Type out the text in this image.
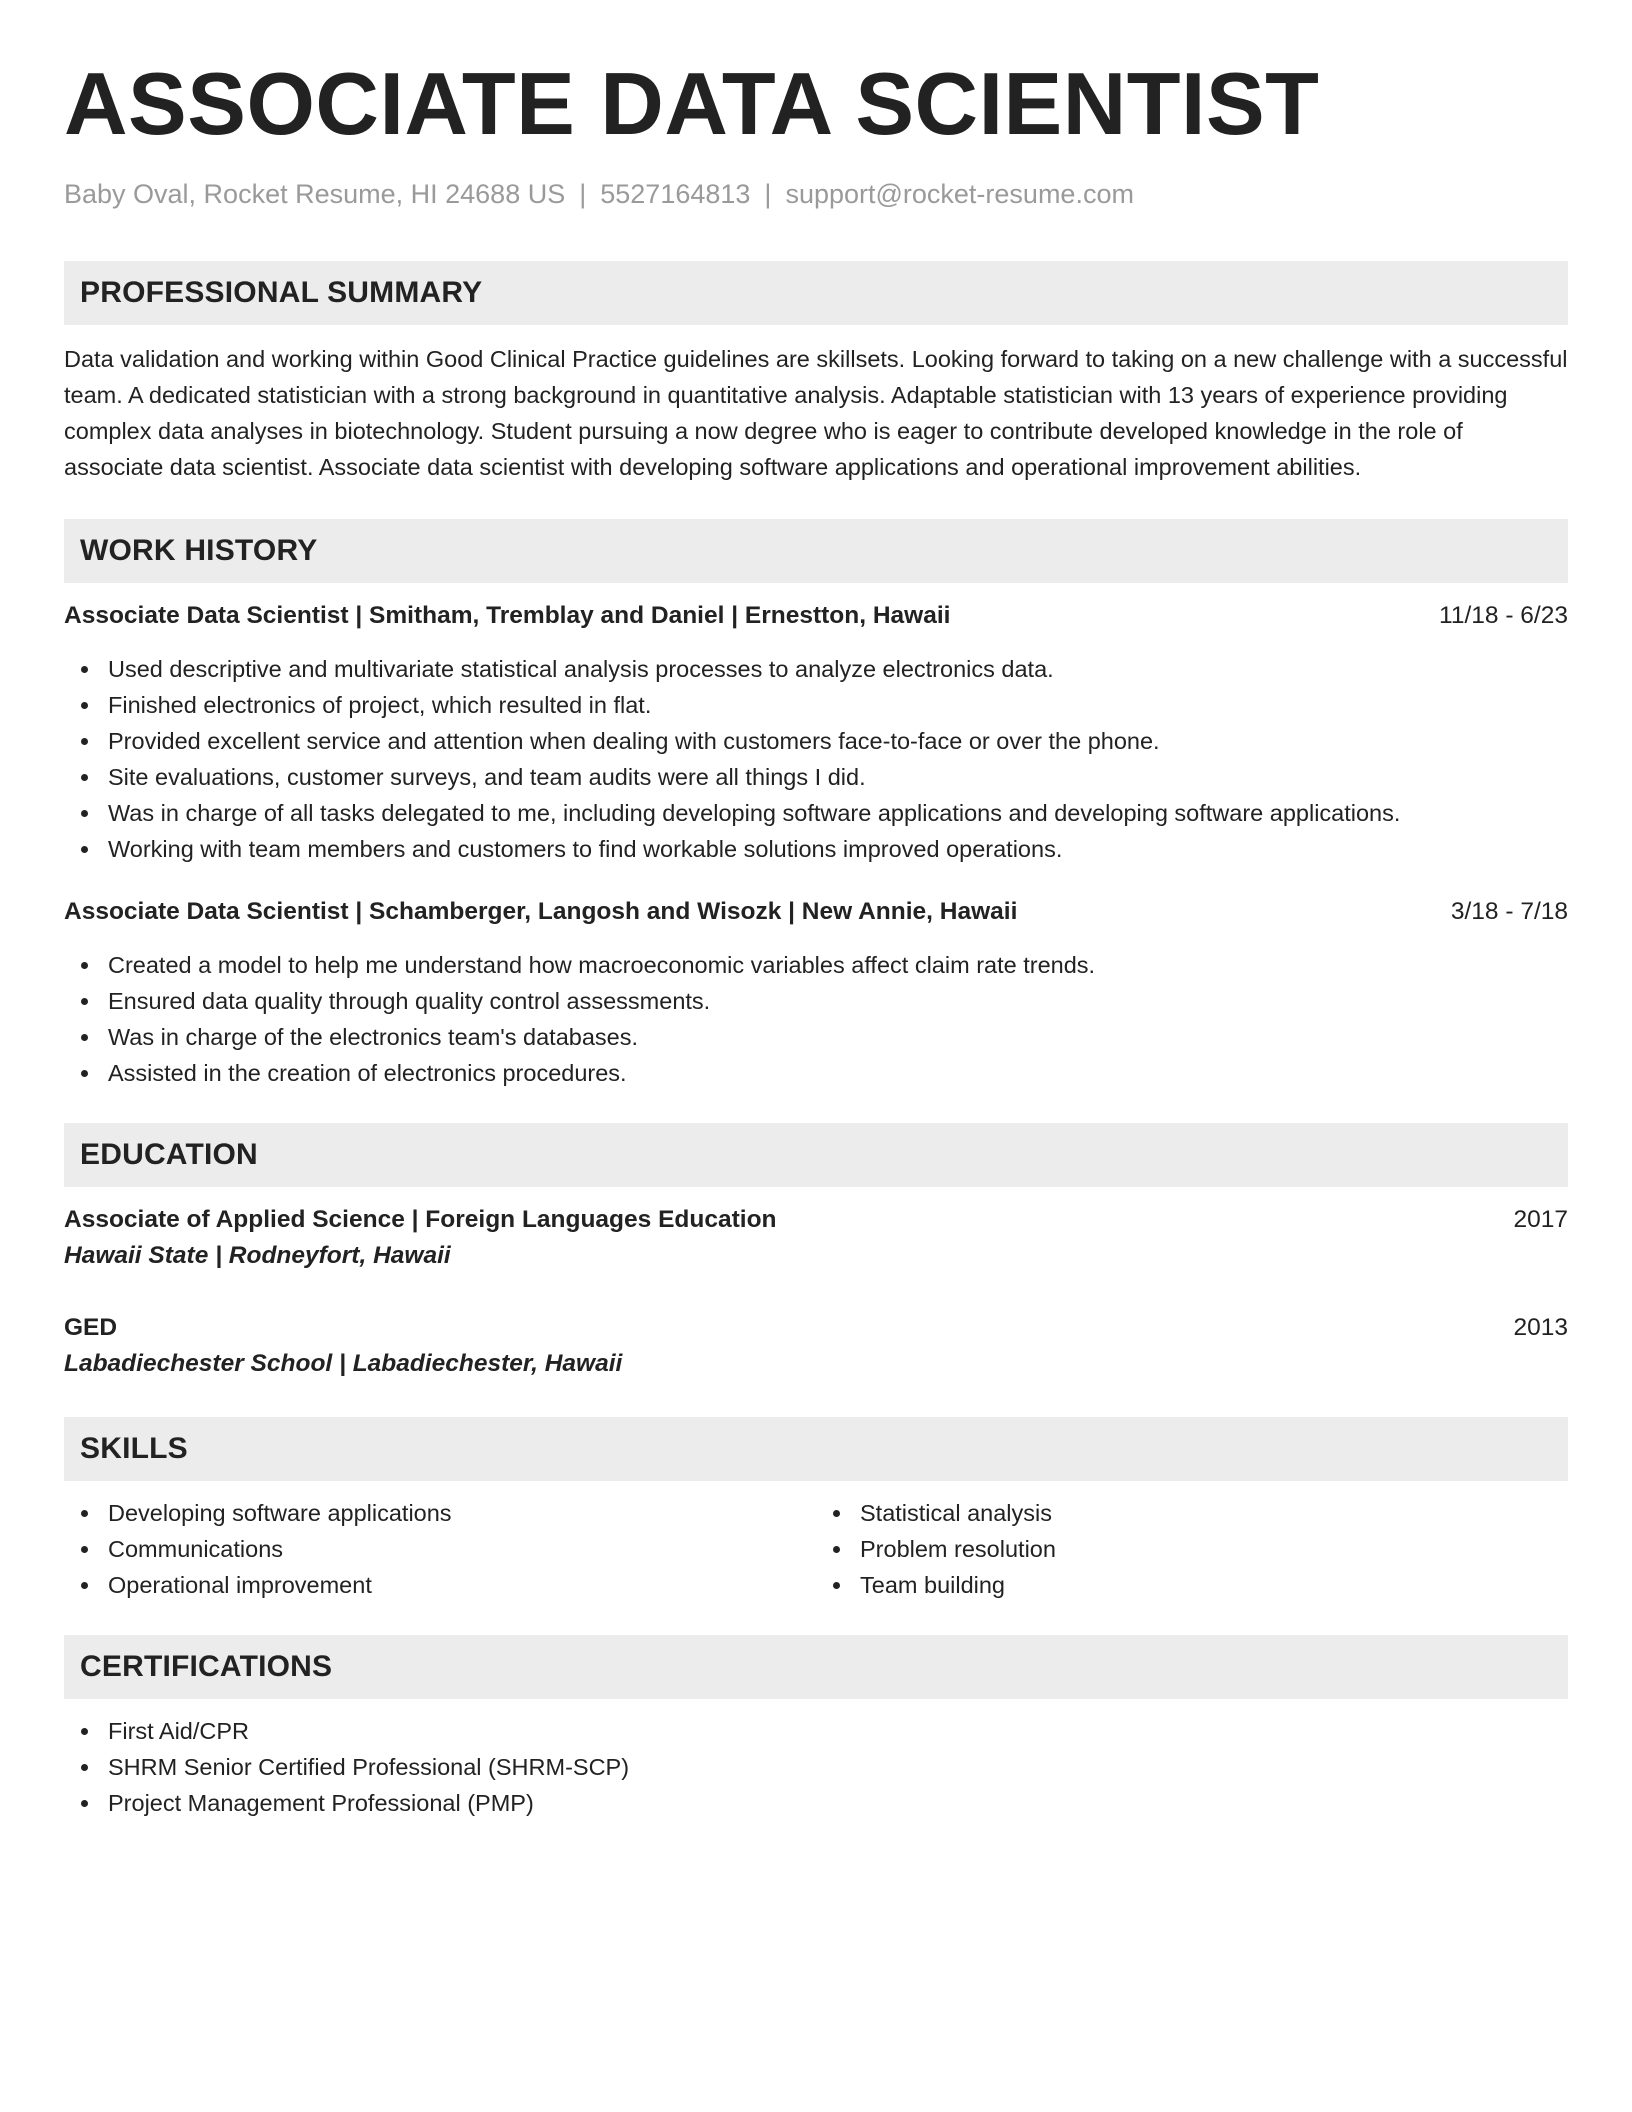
ASSOCIATE DATA SCIENTIST
Baby Oval, Rocket Resume, HI 24688 US | 5527164813 | support@rocket-resume.com
PROFESSIONAL SUMMARY
Data validation and working within Good Clinical Practice guidelines are skillsets. Looking forward to taking on a new challenge with a successful team. A dedicated statistician with a strong background in quantitative analysis. Adaptable statistician with 13 years of experience providing complex data analyses in biotechnology. Student pursuing a now degree who is eager to contribute developed knowledge in the role of associate data scientist. Associate data scientist with developing software applications and operational improvement abilities.
WORK HISTORY
Associate Data Scientist | Smitham, Tremblay and Daniel | Ernestton, Hawaii	11/18 - 6/23
Used descriptive and multivariate statistical analysis processes to analyze electronics data.
Finished electronics of project, which resulted in flat.
Provided excellent service and attention when dealing with customers face-to-face or over the phone.
Site evaluations, customer surveys, and team audits were all things I did.
Was in charge of all tasks delegated to me, including developing software applications and developing software applications.
Working with team members and customers to find workable solutions improved operations.
Associate Data Scientist | Schamberger, Langosh and Wisozk | New Annie, Hawaii	3/18 - 7/18
Created a model to help me understand how macroeconomic variables affect claim rate trends.
Ensured data quality through quality control assessments.
Was in charge of the electronics team's databases.
Assisted in the creation of electronics procedures.
EDUCATION
Associate of Applied Science | Foreign Languages Education	2017
Hawaii State | Rodneyfort, Hawaii
GED	2013
Labadiechester School | Labadiechester, Hawaii
SKILLS
Developing software applications
Communications
Operational improvement
Statistical analysis
Problem resolution
Team building
CERTIFICATIONS
First Aid/CPR
SHRM Senior Certified Professional (SHRM-SCP)
Project Management Professional (PMP)
